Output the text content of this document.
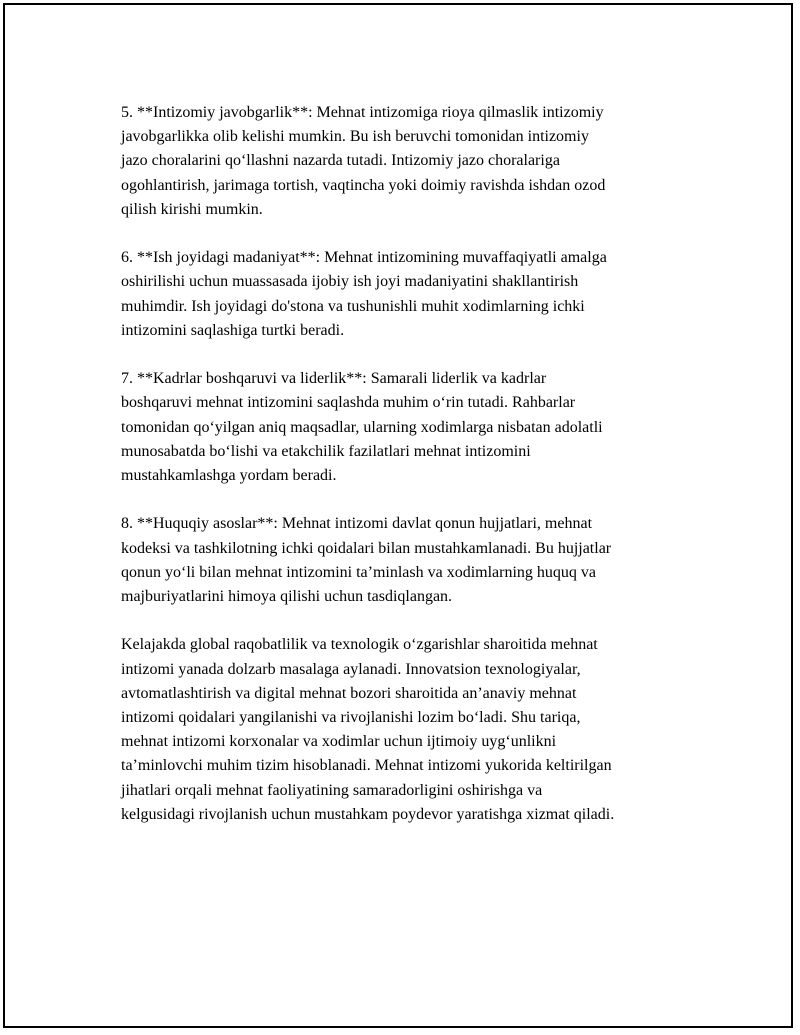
5. **Intizomiy javobgarlik**: Mehnat intizomiga rioya qilmaslik intizomiy
javobgarlikka olib kelishi mumkin. Bu ish beruvchi tomonidan intizomiy
jazo choralarini qo‘llashni nazarda tutadi. Intizomiy jazo choralariga
ogohlantirish, jarimaga tortish, vaqtincha yoki doimiy ravishda ishdan ozod
qilish kirishi mumkin.

6. **Ish joyidagi madaniyat**: Mehnat intizomining muvaffaqiyatli amalga
oshirilishi uchun muassasada ijobiy ish joyi madaniyatini shakllantirish
muhimdir. Ish joyidagi do'stona va tushunishli muhit xodimlarning ichki
intizomini saqlashiga turtki beradi.

7. **Kadrlar boshqaruvi va liderlik**: Samarali liderlik va kadrlar
boshqaruvi mehnat intizomini saqlashda muhim o‘rin tutadi. Rahbarlar
tomonidan qo‘yilgan aniq maqsadlar, ularning xodimlarga nisbatan adolatli
munosabatda bo‘lishi va etakchilik fazilatlari mehnat intizomini
mustahkamlashga yordam beradi.

8. **Huquqiy asoslar**: Mehnat intizomi davlat qonun hujjatlari, mehnat
kodeksi va tashkilotning ichki qoidalari bilan mustahkamlanadi. Bu hujjatlar
qonun yo‘li bilan mehnat intizomini ta’minlash va xodimlarning huquq va
majburiyatlarini himoya qilishi uchun tasdiqlangan.

Kelajakda global raqobatlilik va texnologik o‘zgarishlar sharoitida mehnat
intizomi yanada dolzarb masalaga aylanadi. Innovatsion texnologiyalar,
avtomatlashtirish va digital mehnat bozori sharoitida an’anaviy mehnat
intizomi qoidalari yangilanishi va rivojlanishi lozim bo‘ladi. Shu tariqa,
mehnat intizomi korxonalar va xodimlar uchun ijtimoiy uyg‘unlikni
ta’minlovchi muhim tizim hisoblanadi. Mehnat intizomi yukorida keltirilgan
jihatlari orqali mehnat faoliyatining samaradorligini oshirishga va
kelgusidagi rivojlanish uchun mustahkam poydevor yaratishga xizmat qiladi.
